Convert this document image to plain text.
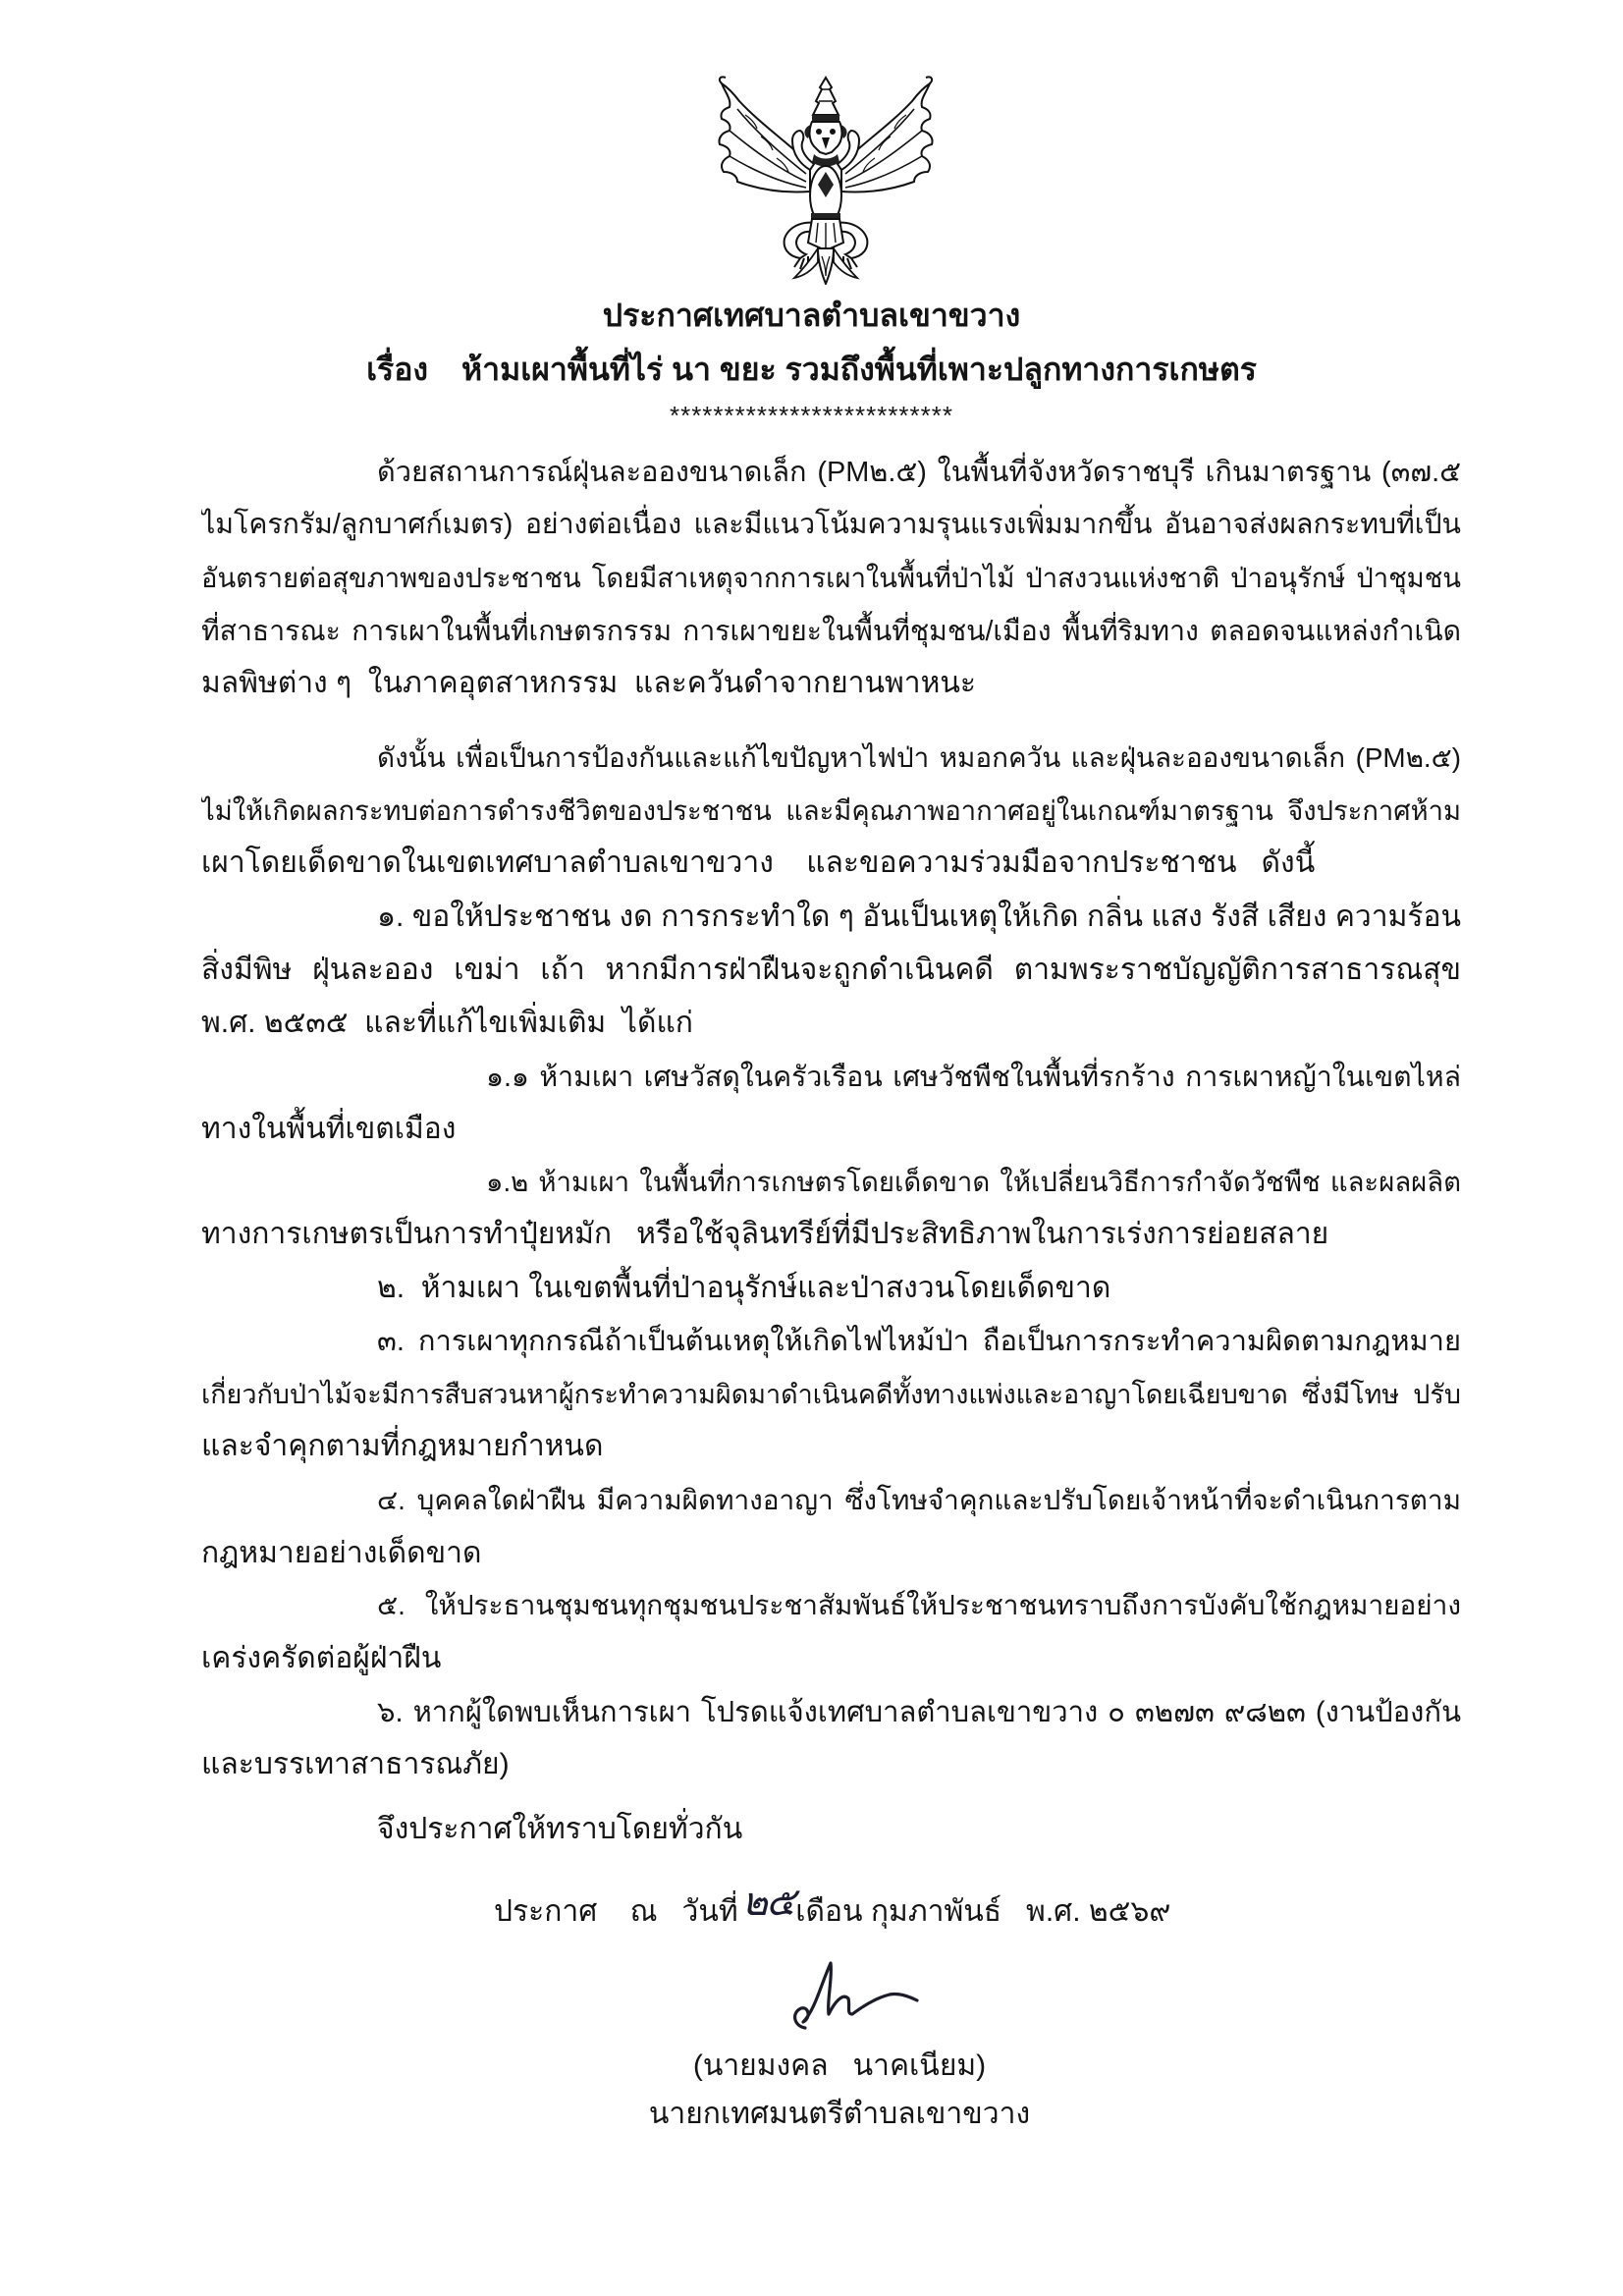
ประกาศเทศบาลตำบลเขาขวาง
เรื่อง ห้ามเผาพื้นที่ไร่ นา ขยะ รวมถึงพื้นที่เพาะปลูกทางการเกษตร
**************************
ด้วยสถานการณ์ฝุ่นละอองขนาดเล็ก (PM๒.๕) ในพื้นที่จังหวัดราชบุรี เกินมาตรฐาน (๓๗.๕
ไมโครกรัม/ลูกบาศก์เมตร) อย่างต่อเนื่อง และมีแนวโน้มความรุนแรงเพิ่มมากขึ้น อันอาจส่งผลกระทบที่เป็น
อันตรายต่อสุขภาพของประชาชน โดยมีสาเหตุจากการเผาในพื้นที่ป่าไม้ ป่าสงวนแห่งชาติ ป่าอนุรักษ์ ป่าชุมชน
ที่สาธารณะ การเผาในพื้นที่เกษตรกรรม การเผาขยะในพื้นที่ชุมชน/เมือง พื้นที่ริมทาง ตลอดจนแหล่งกำเนิด
มลพิษต่าง ๆ  ในภาคอุตสาหกรรม  และควันดำจากยานพาหนะ
ดังนั้น เพื่อเป็นการป้องกันและแก้ไขปัญหาไฟป่า หมอกควัน และฝุ่นละอองขนาดเล็ก (PM๒.๕)
ไม่ให้เกิดผลกระทบต่อการดำรงชีวิตของประชาชน และมีคุณภาพอากาศอยู่ในเกณฑ์มาตรฐาน จึงประกาศห้าม
เผาโดยเด็ดขาดในเขตเทศบาลตำบลเขาขวาง    และขอความร่วมมือจากประชาชน   ดังนี้
๑. ขอให้ประชาชน งด การกระทำใด ๆ อันเป็นเหตุให้เกิด กลิ่น แสง รังสี เสียง ความร้อน
สิ่งมีพิษ ฝุ่นละออง เขม่า เถ้า หากมีการฝ่าฝืนจะถูกดำเนินคดี ตามพระราชบัญญัติการสาธารณสุข
พ.ศ. ๒๕๓๕  และที่แก้ไขเพิ่มเติม  ได้แก่
๑.๑ ห้ามเผา เศษวัสดุในครัวเรือน เศษวัชพืชในพื้นที่รกร้าง การเผาหญ้าในเขตไหล่
ทางในพื้นที่เขตเมือง
๑.๒ ห้ามเผา ในพื้นที่การเกษตรโดยเด็ดขาด ให้เปลี่ยนวิธีการกำจัดวัชพืช และผลผลิต
ทางการเกษตรเป็นการทำปุ๋ยหมัก   หรือใช้จุลินทรีย์ที่มีประสิทธิภาพในการเร่งการย่อยสลาย
๒.  ห้ามเผา ในเขตพื้นที่ป่าอนุรักษ์และป่าสงวนโดยเด็ดขาด
๓. การเผาทุกกรณีถ้าเป็นต้นเหตุให้เกิดไฟไหม้ป่า ถือเป็นการกระทำความผิดตามกฎหมาย
เกี่ยวกับป่าไม้จะมีการสืบสวนหาผู้กระทำความผิดมาดำเนินคดีทั้งทางแพ่งและอาญาโดยเฉียบขาด ซึ่งมีโทษ ปรับ
และจำคุกตามที่กฎหมายกำหนด
๔. บุคคลใดฝ่าฝืน มีความผิดทางอาญา ซึ่งโทษจำคุกและปรับโดยเจ้าหน้าที่จะดำเนินการตาม
กฎหมายอย่างเด็ดขาด
๕. ให้ประธานชุมชนทุกชุมชนประชาสัมพันธ์ให้ประชาชนทราบถึงการบังคับใช้กฎหมายอย่าง
เคร่งครัดต่อผู้ฝ่าฝืน
๖. หากผู้ใดพบเห็นการเผา โปรดแจ้งเทศบาลตำบลเขาขวาง ๐ ๓๒๗๓ ๙๘๒๓ (งานป้องกัน
และบรรเทาสาธารณภัย)
จึงประกาศให้ทราบโดยทั่วกัน
ประกาศ    ณ   วันที่ ๒๕เดือน กุมภาพันธ์   พ.ศ. ๒๕๖๙
(นายมงคล   นาคเนียม)
นายกเทศมนตรีตำบลเขาขวาง
